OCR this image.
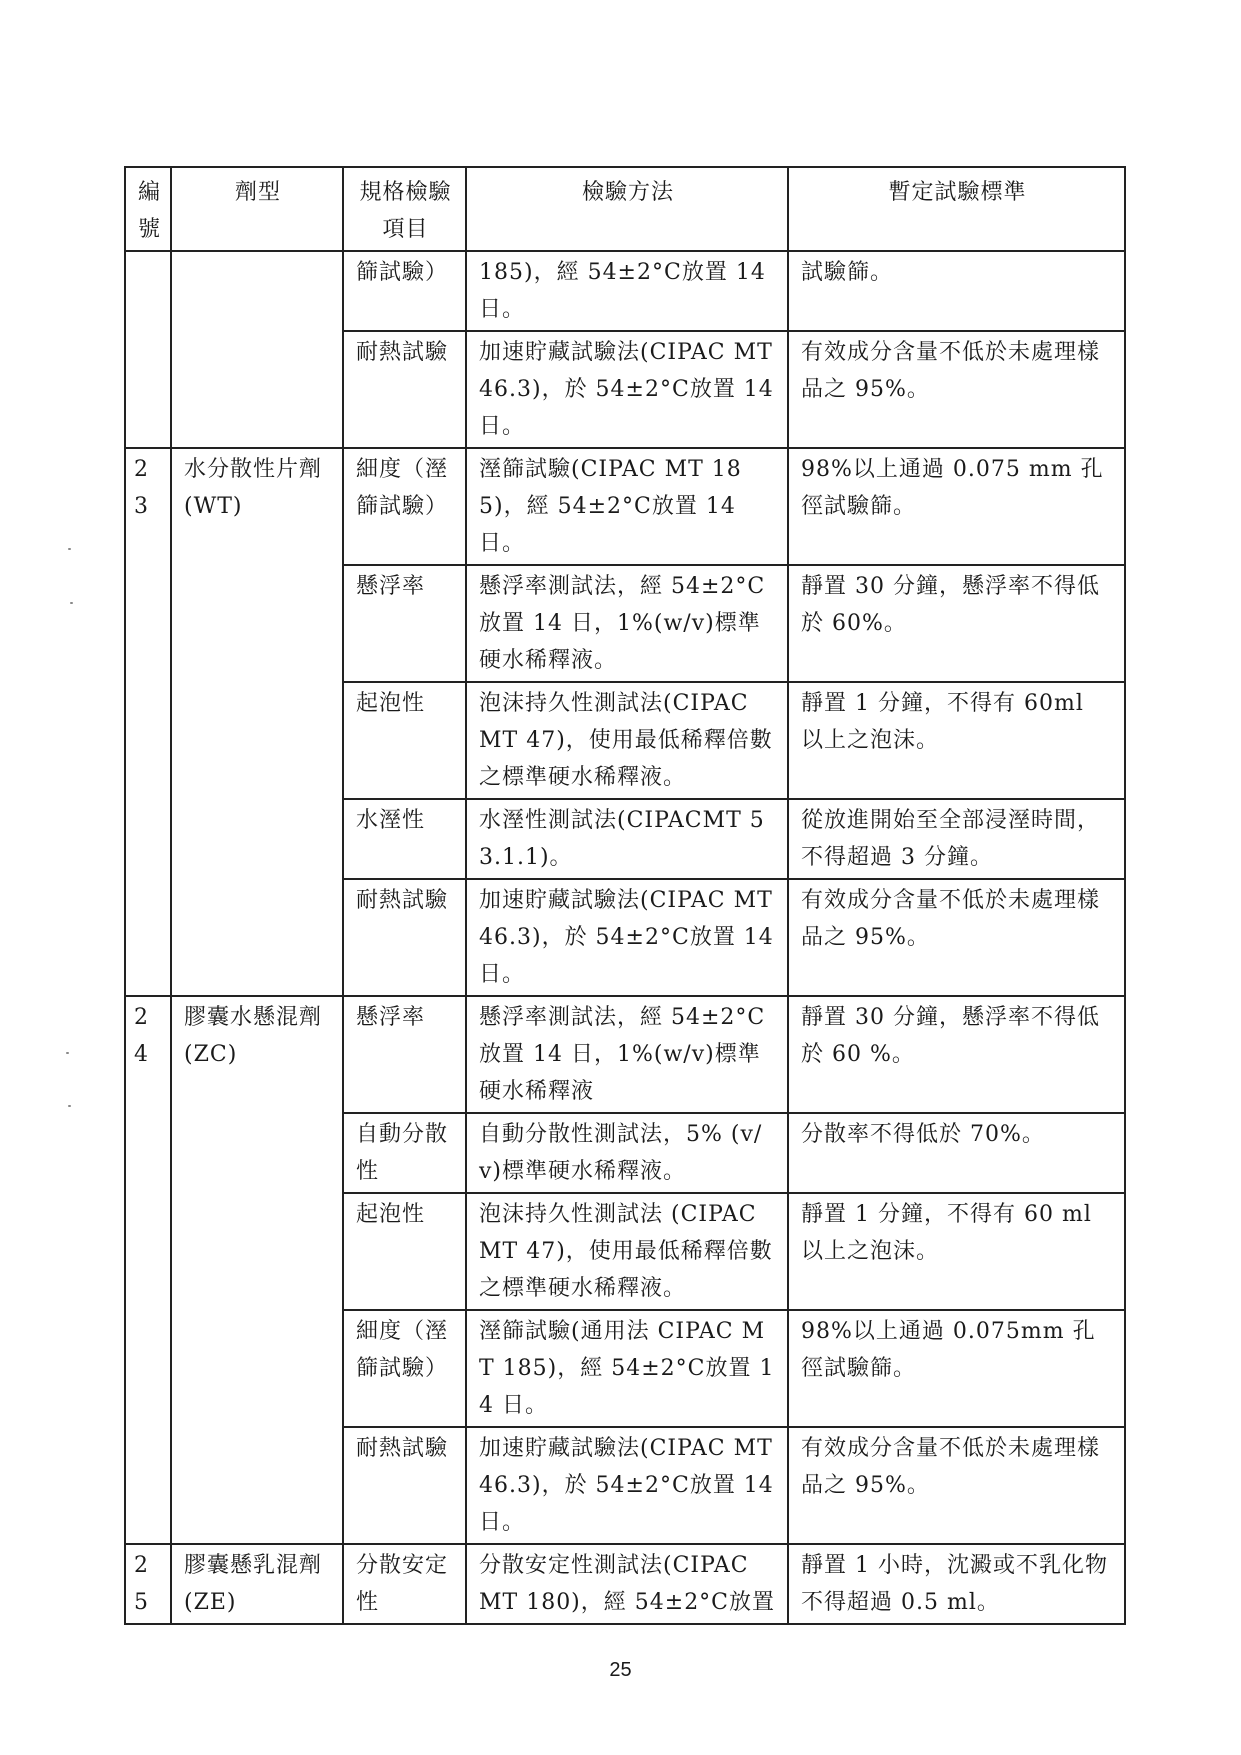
編號	劑型	規格檢驗項目	檢驗方法	暫定試驗標準
		篩試驗）	185)，經 54±2°C放置 14 日。	試驗篩。
		耐熱試驗	加速貯藏試驗法(CIPAC MT 46.3)，於 54±2°C放置 14 日。	有效成分含量不低於未處理樣品之 95%。
23	水分散性片劑(WT)	細度（溼篩試驗）	溼篩試驗(CIPAC MT 185)，經 54±2°C放置 14 日。	98%以上通過 0.075 mm 孔徑試驗篩。
		懸浮率	懸浮率測試法，經 54±2°C放置 14 日，1%(w/v)標準硬水稀釋液。	靜置 30 分鐘，懸浮率不得低於 60%。
		起泡性	泡沫持久性測試法(CIPAC MT 47)，使用最低稀釋倍數之標準硬水稀釋液。	靜置 1 分鐘，不得有 60ml 以上之泡沫。
		水溼性	水溼性測試法(CIPACMT 53.1.1)。	從放進開始至全部浸溼時間，不得超過 3 分鐘。
		耐熱試驗	加速貯藏試驗法(CIPAC MT 46.3)，於 54±2°C放置 14 日。	有效成分含量不低於未處理樣品之 95%。
24	膠囊水懸混劑(ZC)	懸浮率	懸浮率測試法，經 54±2°C放置 14 日，1%(w/v)標準硬水稀釋液	靜置 30 分鐘，懸浮率不得低於 60 %。
		自動分散性	自動分散性測試法，5% (v/v)標準硬水稀釋液。	分散率不得低於 70%。
		起泡性	泡沫持久性測試法 (CIPAC MT 47)，使用最低稀釋倍數之標準硬水稀釋液。	靜置 1 分鐘，不得有 60 ml 以上之泡沫。
		細度（溼篩試驗）	溼篩試驗(通用法 CIPAC MT 185)，經 54±2°C放置 14 日。	98%以上通過 0.075mm 孔徑試驗篩。
		耐熱試驗	加速貯藏試驗法(CIPAC MT 46.3)，於 54±2°C放置 14 日。	有效成分含量不低於未處理樣品之 95%。
25	膠囊懸乳混劑(ZE)	分散安定性	分散安定性測試法(CIPAC MT 180)，經 54±2°C放置	靜置 1 小時，沈澱或不乳化物 不得超過 0.5 ml。
25
